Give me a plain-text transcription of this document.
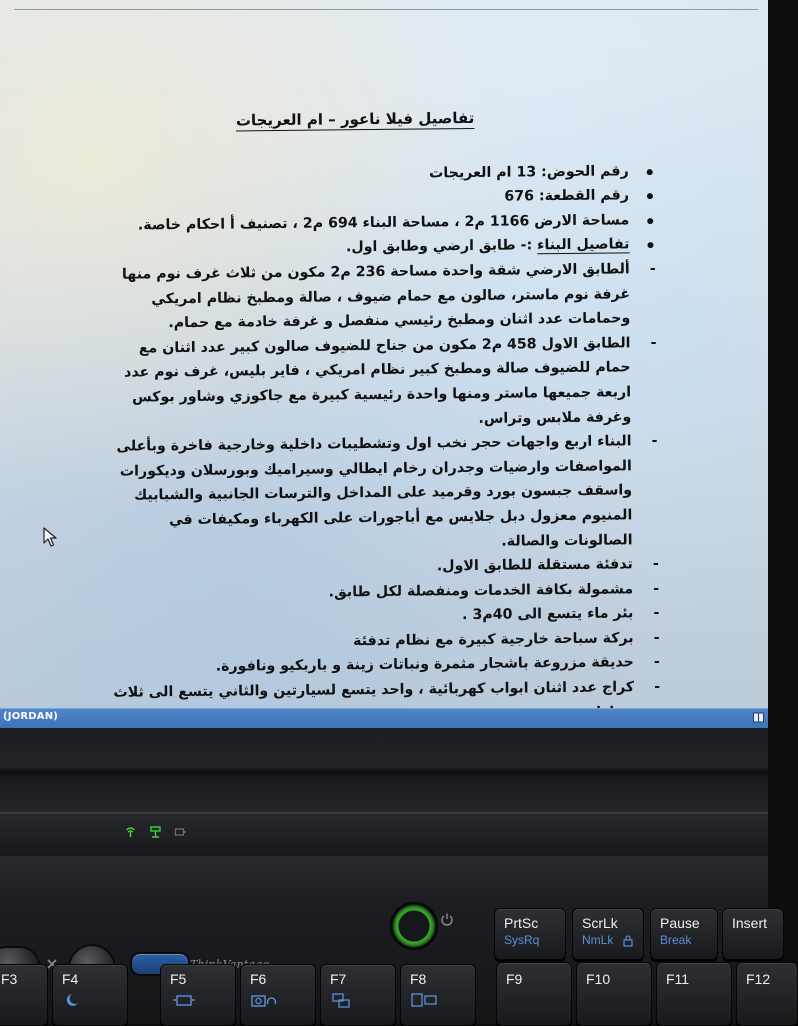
تفاصيل فيلا ناعور – ام العريجات
رقم الحوض: 13 ام العريجات
رقم القطعة: 676
مساحة الارض 1166 م2 ، مساحة البناء 694 م2 ، تصنيف أ احكام خاصة.
تفاصيل البناء :- طابق ارضي وطابق اول.
- ألطابق الارضي شقة واحدة مساحة 236 م2 مكون من ثلاث غرف نوم منها غرفة نوم ماستر، صالون مع حمام ضيوف ، صالة ومطبخ نظام امريكي وحمامات عدد اثنان ومطبخ رئيسي منفصل و غرفة خادمة مع حمام.
- الطابق الاول 458 م2 مكون من جناح للضيوف صالون كبير عدد اثنان مع حمام للضيوف صالة ومطبخ كبير نظام امريكي ، فاير بليس، غرف نوم عدد اربعة جميعها ماستر ومنها واحدة رئيسية كبيرة مع جاكوزي وشاور بوكس وغرفة ملابس وتراس.
- البناء اربع واجهات حجر نخب اول وتشطيبات داخلية وخارجية فاخرة وبأعلى المواصفات وارضيات وجدران رخام ايطالي وسيراميك وبورسلان وديكورات واسقف جبسون بورد وقرميد على المداخل والترسات الجانبية والشبابيك المنيوم معزول دبل جلايس مع أباجورات على الكهرباء ومكيفات في الصالونات والصالة.
- تدفئة مستقلة للطابق الاول.
- مشمولة بكافة الخدمات ومنفصلة لكل طابق.
- بئر ماء يتسع الى 40م3 .
- بركة سباحة خارجية كبيرة مع نظام تدفئة
- حديقة مزروعة باشجار مثمرة ونباتات زينة و باربكيو ونافورة.
- كراج عدد اثنان ابواب كهربائية ، واحد يتسع لسيارتين والثاني يتسع الى ثلاث
(JORDAN)
PrtSc
SysRq
ScrLk
NmLk
Pause
Break
Insert
F3	F4	F5	F6	F7	F8	F9	F10	F11	F12
